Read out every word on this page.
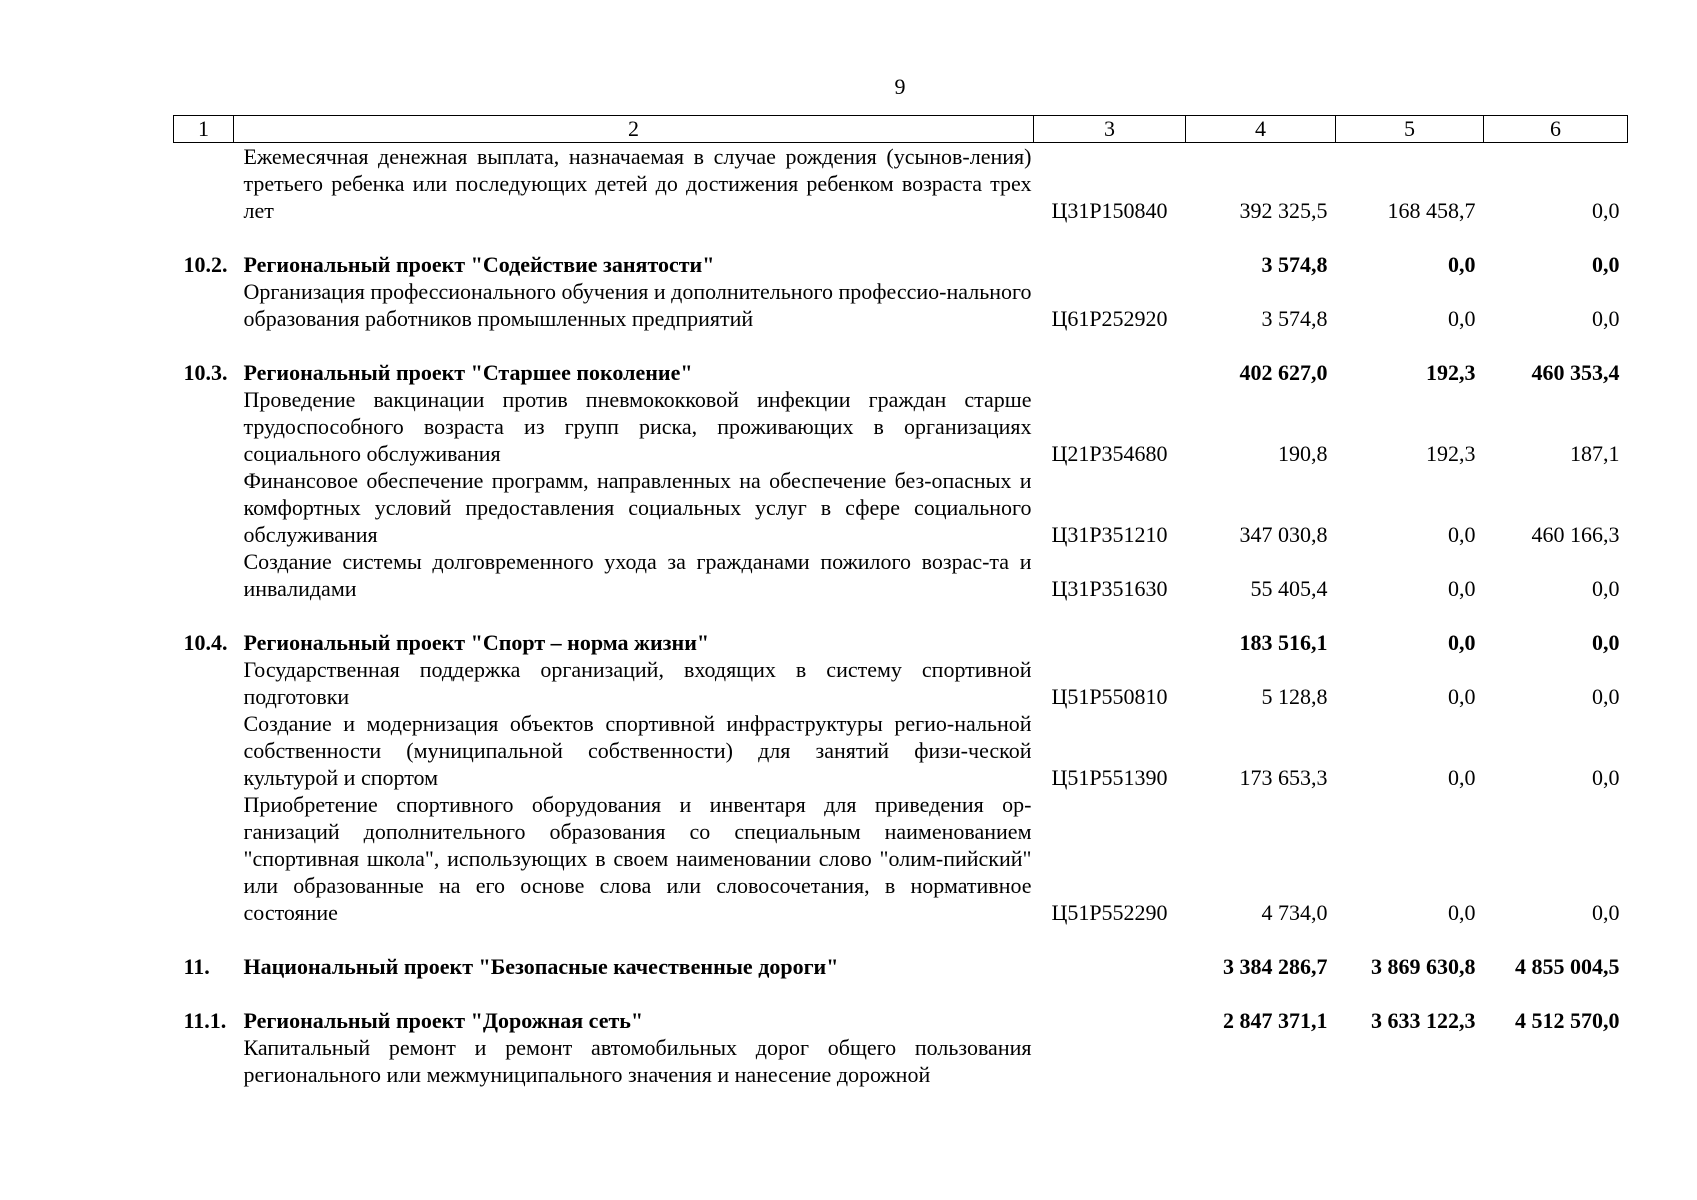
9
1	2	3	4	5	6
	Ежемесячная денежная выплата, назначаемая в случае рождения (усынов-ления) третьего ребенка или последующих детей до достижения ребенком возраста трех лет	Ц31P150840	392 325,5	168 458,7	0,0

10.2.	Региональный проект "Содействие занятости"		3 574,8	0,0	0,0
	Организация профессионального обучения и дополнительного профессио-нального образования работников промышленных предприятий	Ц61P252920	3 574,8	0,0	0,0

10.3.	Региональный проект "Старшее поколение"		402 627,0	192,3	460 353,4
	Проведение вакцинации против пневмококковой инфекции граждан старше трудоспособного возраста из групп риска, проживающих в организациях социального обслуживания	Ц21P354680	190,8	192,3	187,1
	Финансовое обеспечение программ, направленных на обеспечение без-опасных и комфортных условий предоставления социальных услуг в сфере социального обслуживания	Ц31P351210	347 030,8	0,0	460 166,3
	Создание системы долговременного ухода за гражданами пожилого возрас-та и инвалидами	Ц31P351630	55 405,4	0,0	0,0

10.4.	Региональный проект "Спорт – норма жизни"		183 516,1	0,0	0,0
	Государственная поддержка организаций, входящих в систему спортивной подготовки	Ц51P550810	5 128,8	0,0	0,0
	Создание и модернизация объектов спортивной инфраструктуры регио-нальной собственности (муниципальной собственности) для занятий физи-ческой культурой и спортом	Ц51P551390	173 653,3	0,0	0,0
	Приобретение спортивного оборудования и инвентаря для приведения ор-ганизаций дополнительного образования со специальным наименованием "спортивная школа", использующих в своем наименовании слово "олим-пийский" или образованные на его основе слова или словосочетания, в нормативное состояние	Ц51P552290	4 734,0	0,0	0,0

11.	Национальный проект "Безопасные качественные дороги"		3 384 286,7	3 869 630,8	4 855 004,5

11.1.	Региональный проект "Дорожная сеть"		2 847 371,1	3 633 122,3	4 512 570,0
	Капитальный ремонт и ремонт автомобильных дорог общего пользования регионального или межмуниципального значения и нанесение дорожной				
